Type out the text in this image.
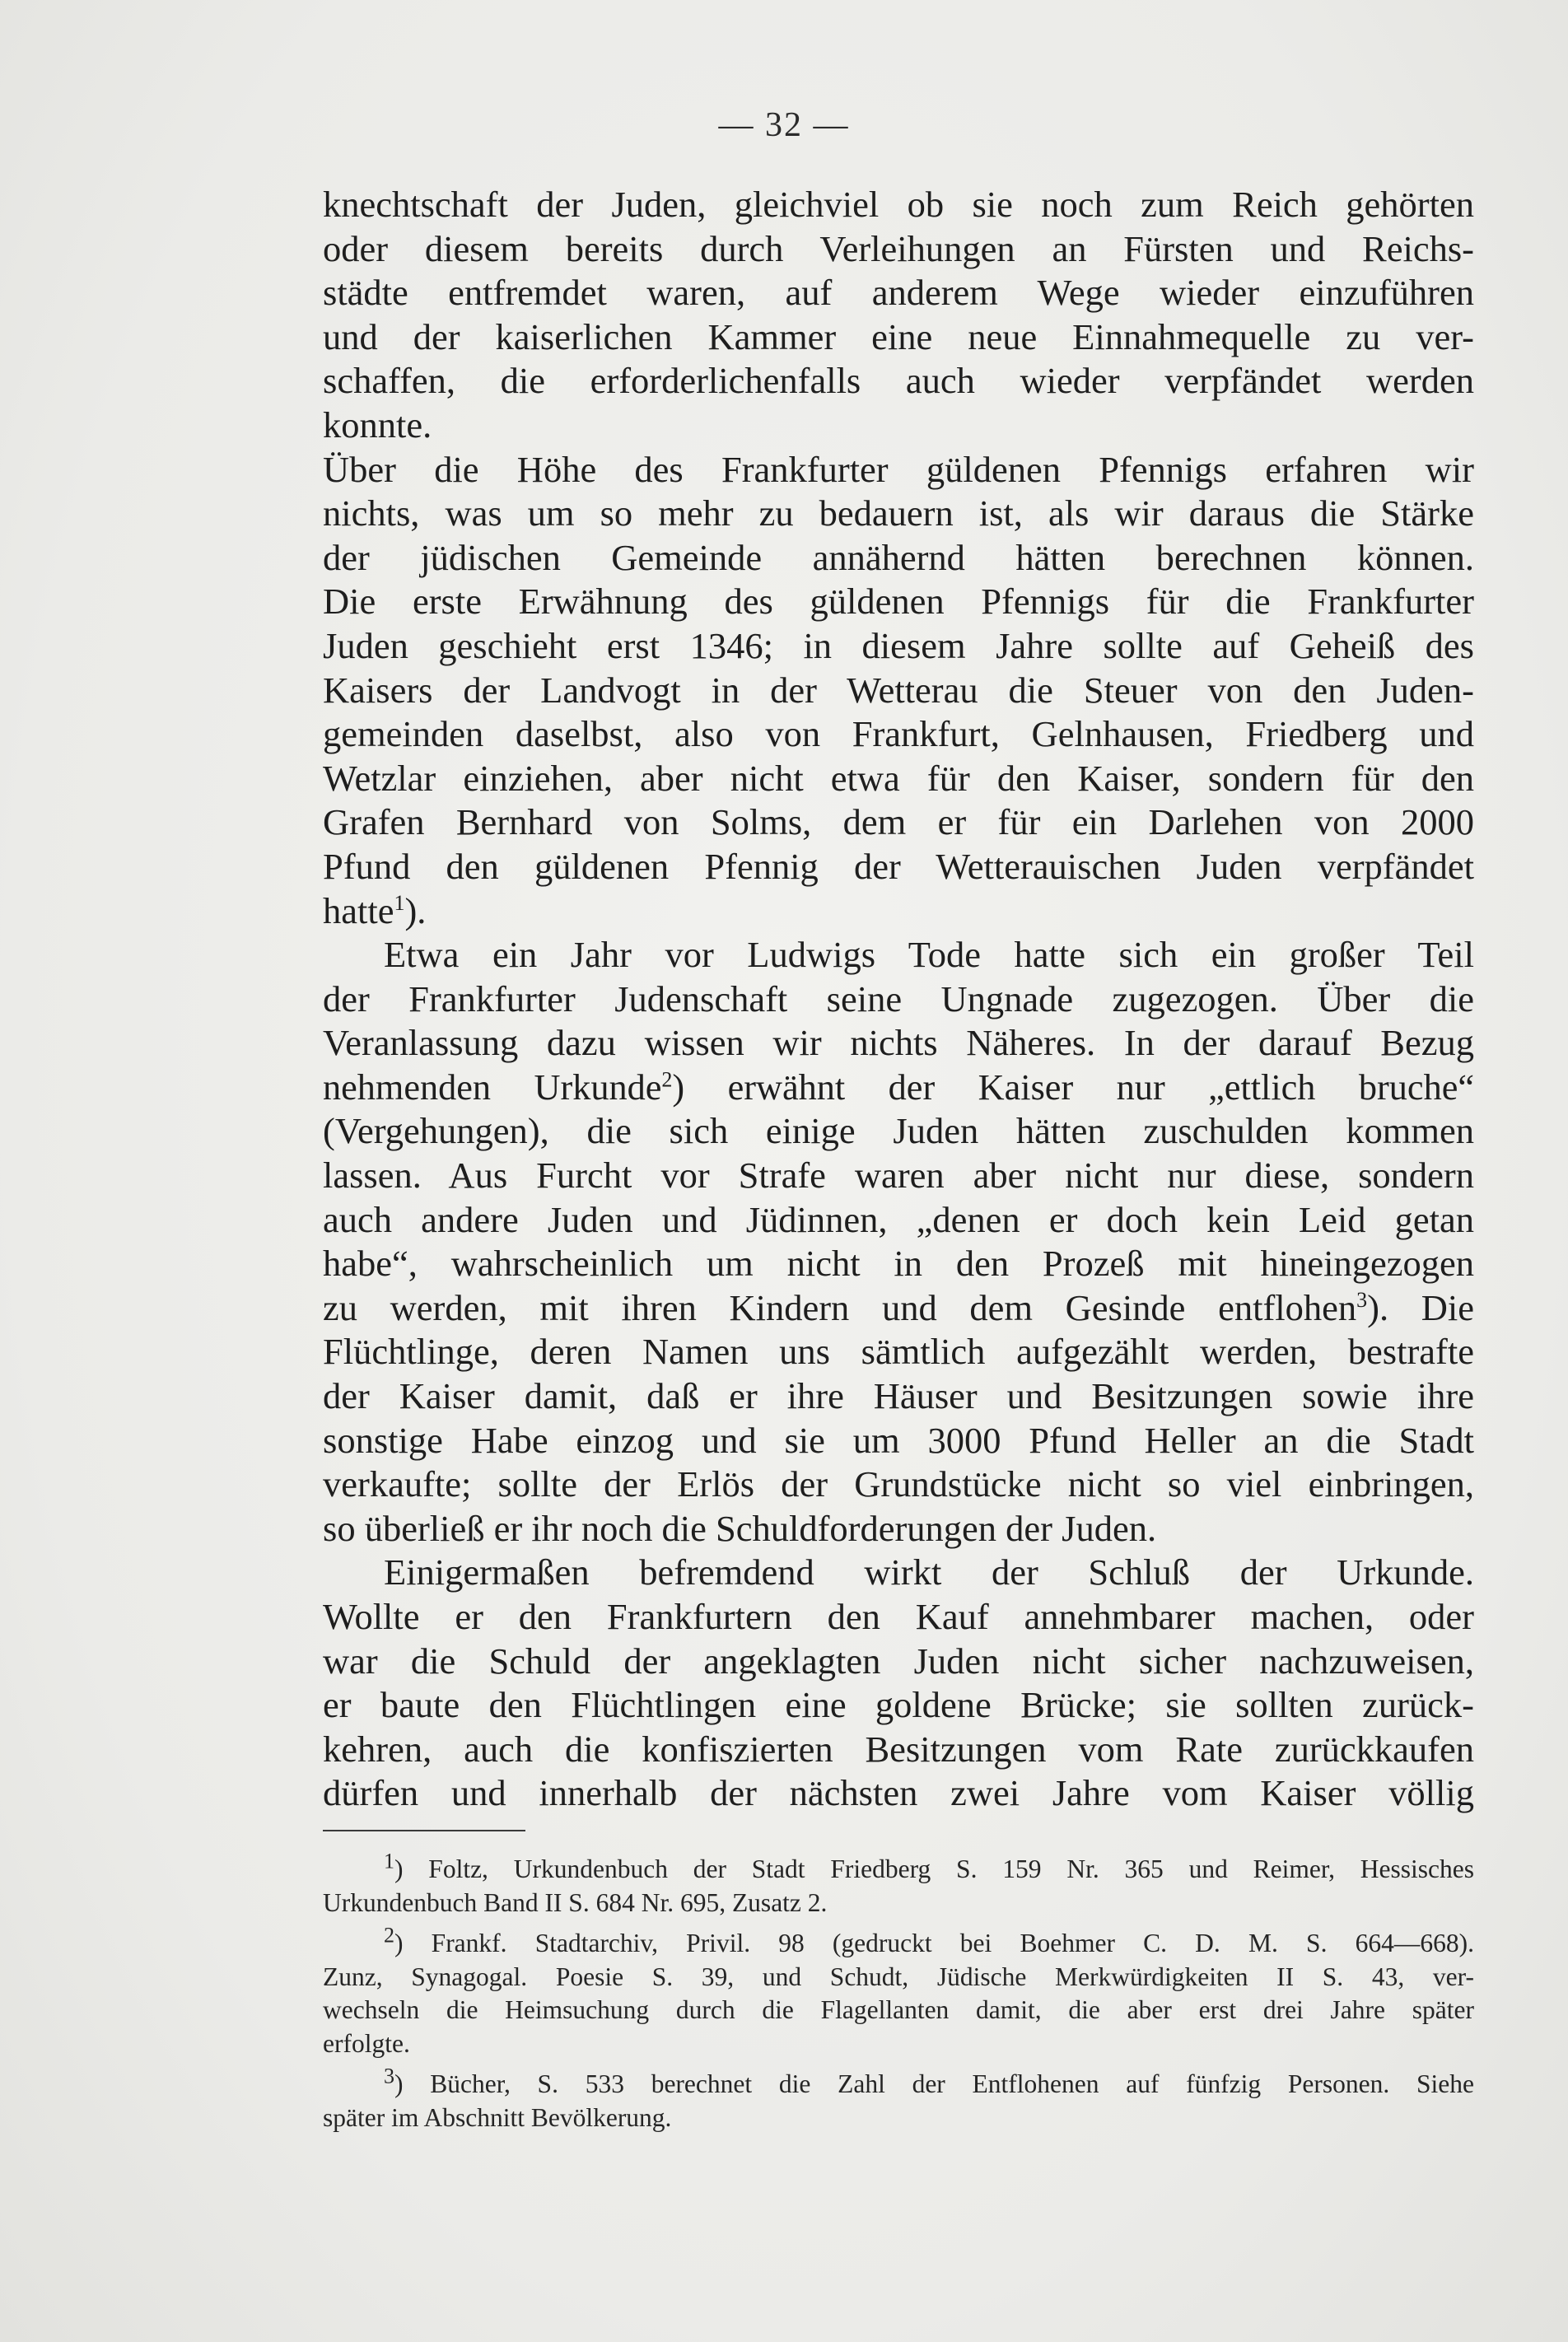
— 32 —
knechtschaft der Juden, gleichviel ob sie noch zum Reich gehörten
oder diesem bereits durch Verleihungen an Fürsten und Reichs-
städte entfremdet waren, auf anderem Wege wieder einzuführen
und der kaiserlichen Kammer eine neue Einnahmequelle zu ver-
schaffen, die erforderlichenfalls auch wieder verpfändet werden
konnte.
Über die Höhe des Frankfurter güldenen Pfennigs erfahren wir
nichts, was um so mehr zu bedauern ist, als wir daraus die Stärke
der jüdischen Gemeinde annähernd hätten berechnen können.
Die erste Erwähnung des güldenen Pfennigs für die Frankfurter
Juden geschieht erst 1346; in diesem Jahre sollte auf Geheiß des
Kaisers der Landvogt in der Wetterau die Steuer von den Juden-
gemeinden daselbst, also von Frankfurt, Gelnhausen, Friedberg und
Wetzlar einziehen, aber nicht etwa für den Kaiser, sondern für den
Grafen Bernhard von Solms, dem er für ein Darlehen von 2000
Pfund den güldenen Pfennig der Wetterauischen Juden verpfändet
hatte$^1$).
Etwa ein Jahr vor Ludwigs Tode hatte sich ein großer Teil
der Frankfurter Judenschaft seine Ungnade zugezogen. Über die
Veranlassung dazu wissen wir nichts Näheres. In der darauf Bezug
nehmenden Urkunde$^2$) erwähnt der Kaiser nur „ettlich bruche“
(Vergehungen), die sich einige Juden hätten zuschulden kommen
lassen. Aus Furcht vor Strafe waren aber nicht nur diese, sondern
auch andere Juden und Jüdinnen, „denen er doch kein Leid getan
habe“, wahrscheinlich um nicht in den Prozeß mit hineingezogen
zu werden, mit ihren Kindern und dem Gesinde entflohen$^3$). Die
Flüchtlinge, deren Namen uns sämtlich aufgezählt werden, bestrafte
der Kaiser damit, daß er ihre Häuser und Besitzungen sowie ihre
sonstige Habe einzog und sie um 3000 Pfund Heller an die Stadt
verkaufte; sollte der Erlös der Grundstücke nicht so viel einbringen,
so überließ er ihr noch die Schuldforderungen der Juden.
Einigermaßen befremdend wirkt der Schluß der Urkunde.
Wollte er den Frankfurtern den Kauf annehmbarer machen, oder
war die Schuld der angeklagten Juden nicht sicher nachzuweisen,
er baute den Flüchtlingen eine goldene Brücke; sie sollten zurück-
kehren, auch die konfiszierten Besitzungen vom Rate zurückkaufen
dürfen und innerhalb der nächsten zwei Jahre vom Kaiser völlig
$^1$) Foltz, Urkundenbuch der Stadt Friedberg S. 159 Nr. 365 und Reimer, Hessisches
Urkundenbuch Band II S. 684 Nr. 695, Zusatz 2.
$^2$) Frankf. Stadtarchiv, Privil. 98 (gedruckt bei Boehmer C. D. M. S. 664—668).
Zunz, Synagogal. Poesie S. 39, und Schudt, Jüdische Merkwürdigkeiten II S. 43, ver-
wechseln die Heimsuchung durch die Flagellanten damit, die aber erst drei Jahre später
erfolgte.
$^3$) Bücher, S. 533 berechnet die Zahl der Entflohenen auf fünfzig Personen. Siehe
später im Abschnitt Bevölkerung.
